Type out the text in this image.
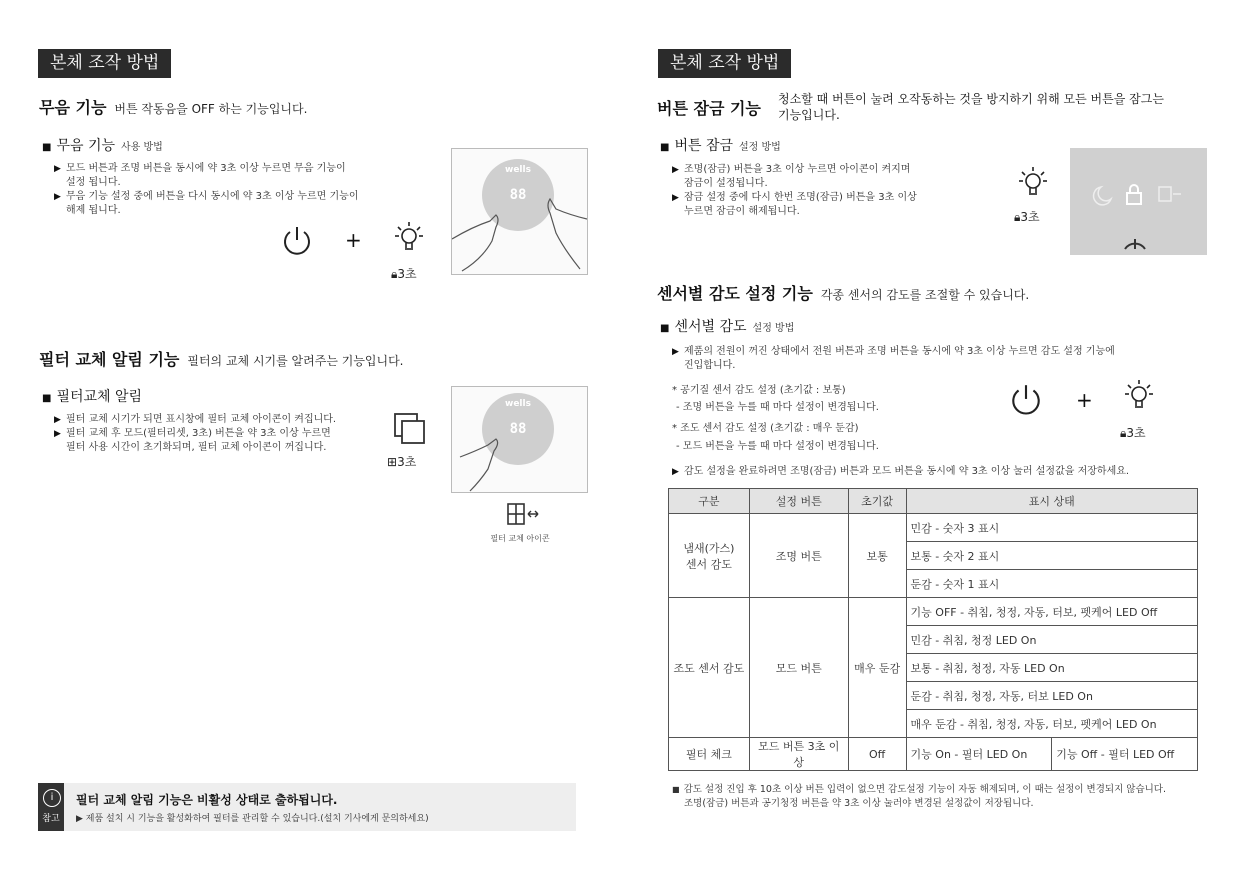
본체 조작 방법
무음 기능 버튼 작동음을 OFF 하는 기능입니다.
■ 무음 기능 사용 방법
▶ 모드 버튼과 조명 버튼을 동시에 약 3초 이상 누르면 무음 기능이
설정 됩니다.
▶ 무음 기능 설정 중에 버튼을 다시 동시에 약 3초 이상 누르면 기능이
해제 됩니다.
+
🔒︎3초
wells
88
필터 교체 알림 기능 필터의 교체 시기를 알려주는 기능입니다.
■ 필터교체 알림
▶ 필터 교체 시기가 되면 표시창에 필터 교체 아이콘이 켜집니다.
▶ 필터 교체 후 모드(필터리셋, 3초) 버튼을 약 3초 이상 누르면
필터 사용 시간이 초기화되며, 필터 교체 아이콘이 꺼집니다.
⊞︎3초
wells
88
필터 교체 아이콘
i
참고
필터 교체 알림 기능은 비활성 상태로 출하됩니다.
▶ 제품 설치 시 기능을 활성화하여 필터를 관리할 수 있습니다.(설치 기사에게 문의하세요)
본체 조작 방법
버튼 잠금 기능 청소할 때 버튼이 눌려 오작동하는 것을 방지하기 위해 모든 버튼을 잠그는
기능입니다.
■ 버튼 잠금 설정 방법
▶ 조명(잠금) 버튼을 3초 이상 누르면 아이콘이 켜지며
잠금이 설정됩니다.
▶ 잠금 설정 중에 다시 한번 조명(잠금) 버튼을 3초 이상
누르면 잠금이 해제됩니다.	🔒︎3초
센서별 감도 설정 기능 각종 센서의 감도를 조절할 수 있습니다.
■ 센서별 감도 설정 방법
▶ 제품의 전원이 꺼진 상태에서 전원 버튼과 조명 버튼을 동시에 약 3초 이상 누르면 감도 설정 기능에
진입합니다.
* 공기질 센서 감도 설정 (초기값 : 보통)
- 조명 버튼을 누를 때 마다 설정이 변경됩니다.
* 조도 센서 감도 설정 (초기값 : 매우 둔감)
- 모드 버튼을 누를 때 마다 설정이 변경됩니다.
+
🔒︎3초
▶ 감도 설정을 완료하려면 조명(잠금) 버튼과 모드 버튼을 동시에 약 3초 이상 눌러 설정값을 저장하세요.
구분	설정 버튼	초기값	표시 상태	

냄새(가스)
센서 감도	조명 버튼	보통	민감 - 숫자 3 표시	
			보통 - 숫자 2 표시	
			둔감 - 숫자 1 표시	
조도 센서 감도	모드 버튼	매우 둔감	기능 OFF - 취침, 청정, 자동, 터보, 펫케어 LED Off	
			민감 - 취침, 청정 LED On	
			보통 - 취침, 청정, 자동 LED On	
			둔감 - 취침, 청정, 자동, 터보 LED On	
			매우 둔감 - 취침, 청정, 자동, 터보, 펫케어 LED On	
필터 체크	모드 버튼 3초 이상	Off	기능 On - 필터 LED On	기능 Off - 필터 LED Off
■ 감도 설정 진입 후 10초 이상 버튼 입력이 없으면 감도설정 기능이 자동 해제되며, 이 때는 설정이 변경되지 않습니다.
조명(잠금) 버튼과 공기청정 버튼을 약 3초 이상 눌러야 변경된 설정값이 저장됩니다.
